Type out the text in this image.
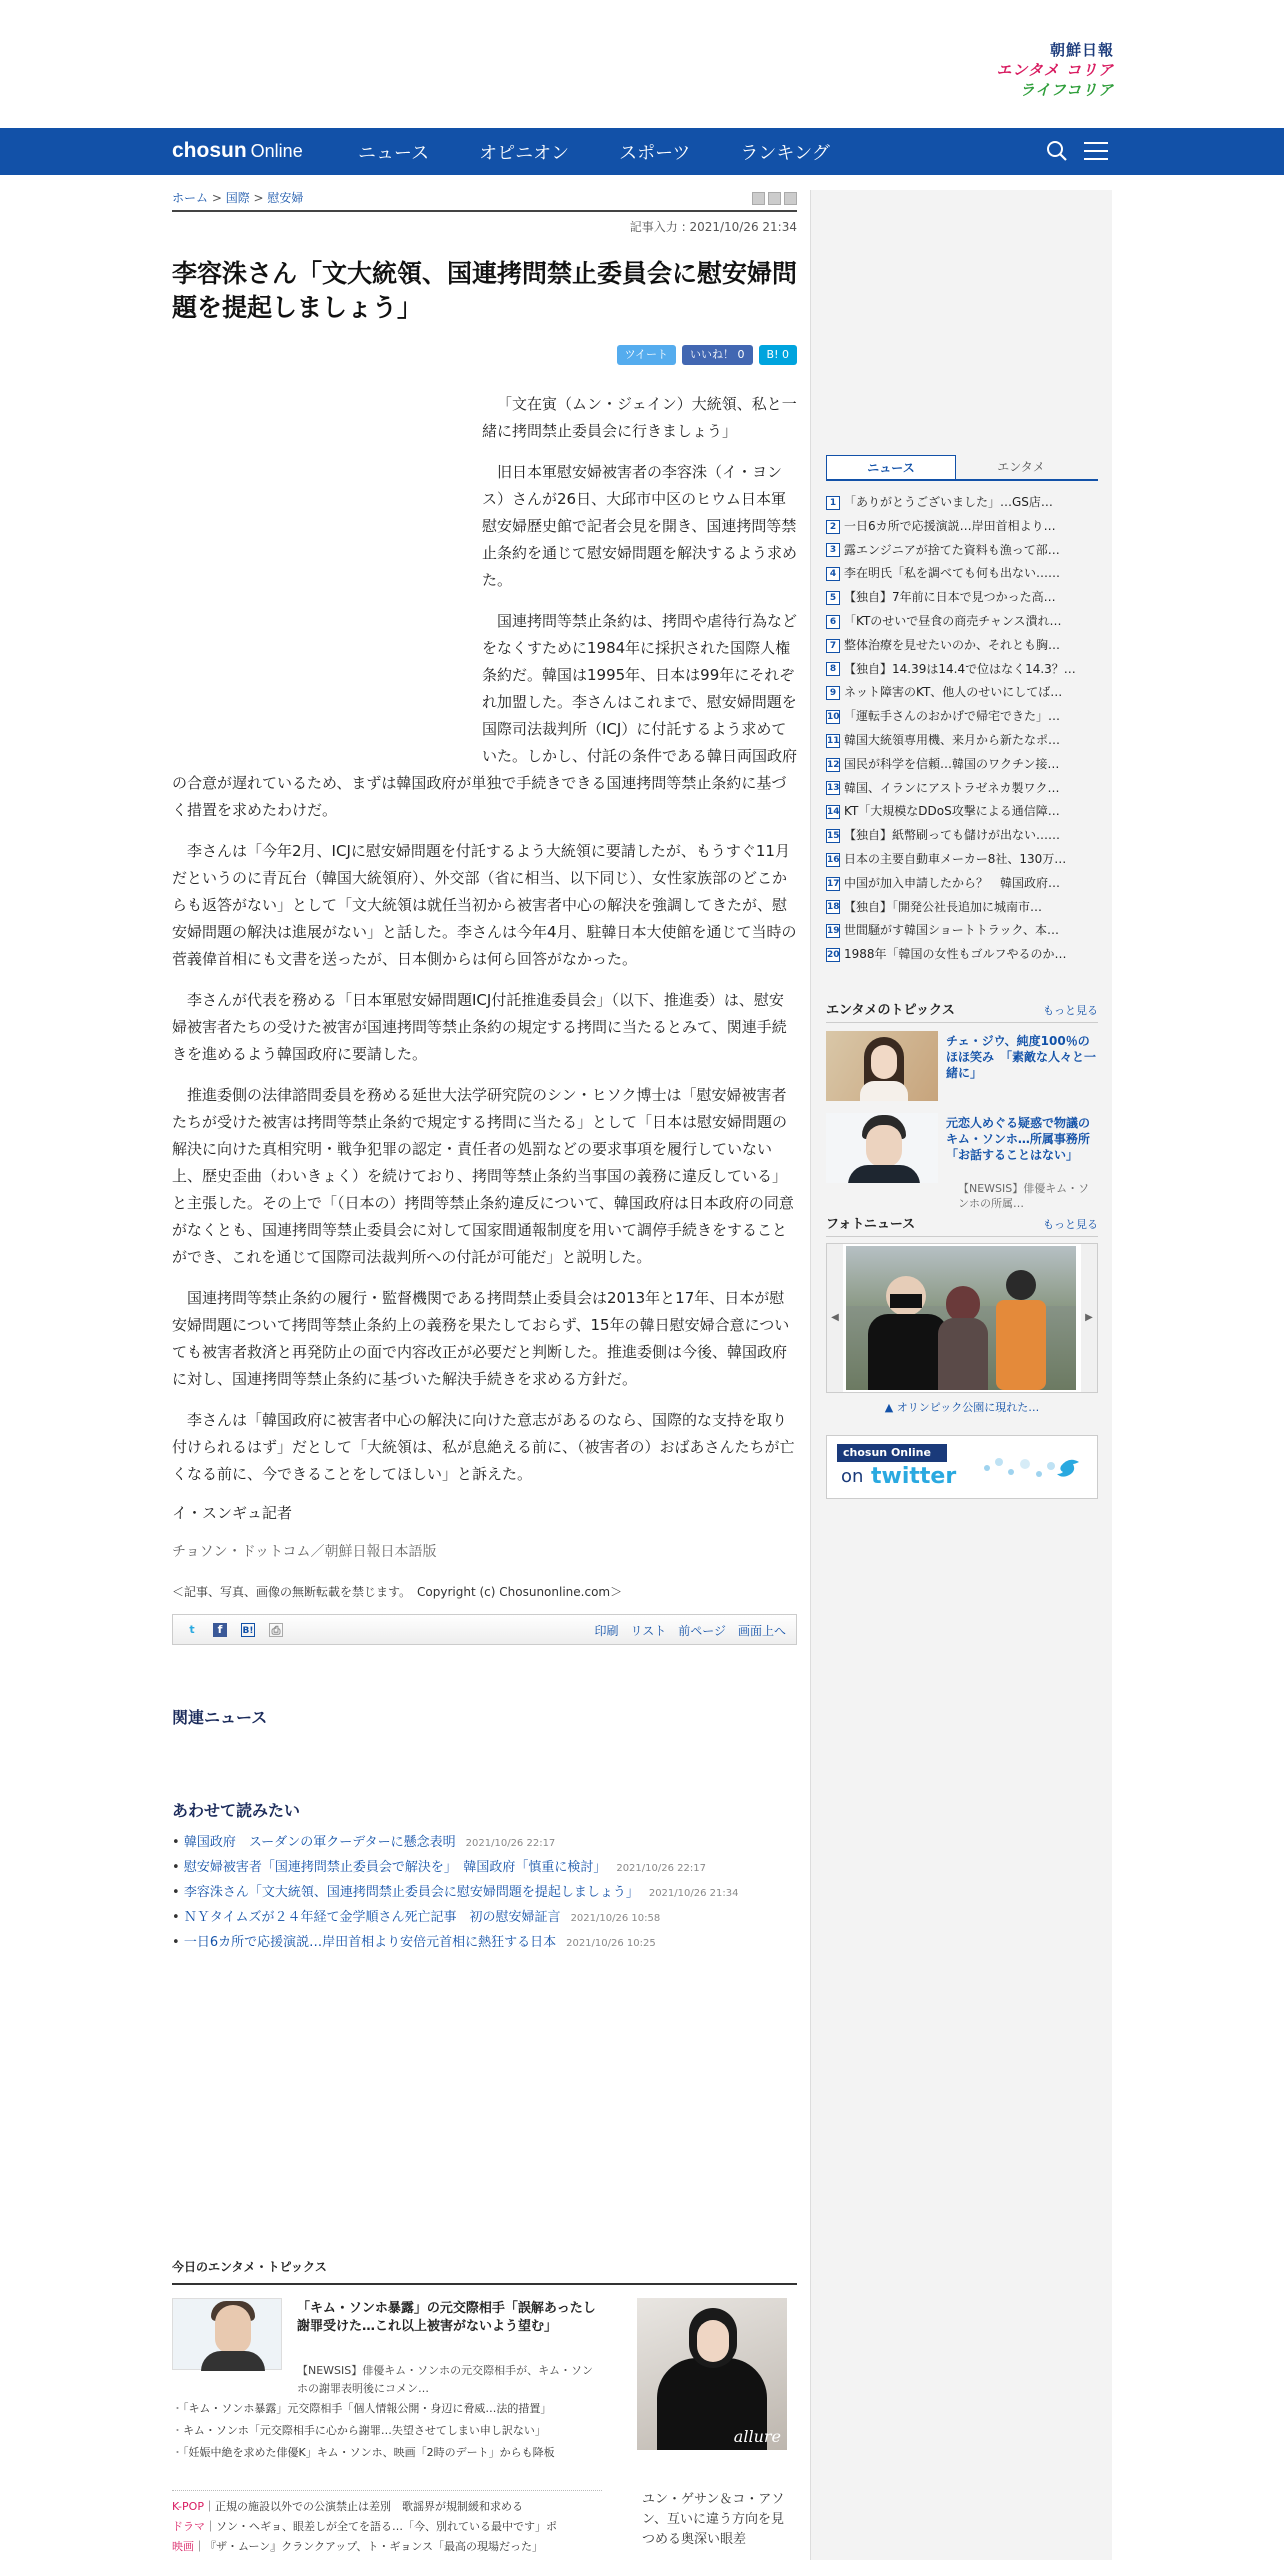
朝鮮日報
エンタメ コリア
ライフコリア
chosun Online	ニュース	オピニオン	スポーツ	ランキング
ホーム > 国際 > 慰安婦
記事入力 : 2021/10/26 21:34
李容洙さん「文大統領、国連拷問禁止委員会に慰安婦問題を提起しましょう」
ツイート	いいね！ 0	B! 0

「文在寅（ムン・ジェイン）大統領、私と一緒に拷問禁止委員会に行きましょう」

旧日本軍慰安婦被害者の李容洙（イ・ヨンス）さんが26日、大邱市中区のヒウム日本軍慰安婦歴史館で記者会見を開き、国連拷問等禁止条約を通じて慰安婦問題を解決するよう求めた。

国連拷問等禁止条約は、拷問や虐待行為などをなくすために1984年に採択された国際人権条約だ。韓国は1995年、日本は99年にそれぞれ加盟した。李さんはこれまで、慰安婦問題を国際司法裁判所（ICJ）に付託するよう求めていた。しかし、付託の条件である韓日両国政府の合意が遅れているため、まずは韓国政府が単独で手続きできる国連拷問等禁止条約に基づく措置を求めたわけだ。

李さんは「今年2月、ICJに慰安婦問題を付託するよう大統領に要請したが、もうすぐ11月だというのに青瓦台（韓国大統領府）、外交部（省に相当、以下同じ）、女性家族部のどこからも返答がない」として「文大統領は就任当初から被害者中心の解決を強調してきたが、慰安婦問題の解決は進展がない」と話した。李さんは今年4月、駐韓日本大使館を通じて当時の菅義偉首相にも文書を送ったが、日本側からは何ら回答がなかった。

李さんが代表を務める「日本軍慰安婦問題ICJ付託推進委員会」（以下、推進委）は、慰安婦被害者たちの受けた被害が国連拷問等禁止条約の規定する拷問に当たるとみて、関連手続きを進めるよう韓国政府に要請した。

推進委側の法律諮問委員を務める延世大法学研究院のシン・ヒソク博士は「慰安婦被害者たちが受けた被害は拷問等禁止条約で規定する拷問に当たる」として「日本は慰安婦問題の解決に向けた真相究明・戦争犯罪の認定・責任者の処罰などの要求事項を履行していない上、歴史歪曲（わいきょく）を続けており、拷問等禁止条約当事国の義務に違反している」と主張した。その上で「（日本の）拷問等禁止条約違反について、韓国政府は日本政府の同意がなくとも、国連拷問等禁止委員会に対して国家間通報制度を用いて調停手続きをすることができ、これを通じて国際司法裁判所への付託が可能だ」と説明した。

国連拷問等禁止条約の履行・監督機関である拷問禁止委員会は2013年と17年、日本が慰安婦問題について拷問等禁止条約上の義務を果たしておらず、15年の韓日慰安婦合意についても被害者救済と再発防止の面で内容改正が必要だと判断した。推進委側は今後、韓国政府に対し、国連拷問等禁止条約に基づいた解決手続きを求める方針だ。

李さんは「韓国政府に被害者中心の解決に向けた意志があるのなら、国際的な支持を取り付けられるはず」だとして「大統領は、私が息絶える前に、（被害者の）おばあさんたちが亡くなる前に、今できることをしてほしい」と訴えた。

イ・スンギュ記者
チョソン・ドットコム／朝鮮日報日本語版
＜記事、写真、画像の無断転載を禁じます。　Copyright (c) Chosunonline.com＞
t	f	B! ⎙	印刷 リスト 前ページ 画面上へ
関連ニュース
あわせて読みたい
• 韓国政府　スーダンの軍クーデターに懸念表明 2021/10/26 22:17
• 慰安婦被害者「国連拷問禁止委員会で解決を」　韓国政府「慎重に検討」 2021/10/26 22:17
• 李容洙さん「文大統領、国連拷問禁止委員会に慰安婦問題を提起しましょう」 2021/10/26 21:34
• ＮＹタイムズが２４年経て金学順さん死亡記事　初の慰安婦証言 2021/10/26 10:58
• 一日6カ所で応援演説…岸田首相より安倍元首相に熱狂する日本 2021/10/26 10:25
今日のエンタメ・トピックス
「キム・ソンホ暴露」の元交際相手「誤解あったし謝罪受けた…これ以上被害がないよう望む」
【NEWSIS】俳優キム・ソンホの元交際相手が、キム・ソンホの謝罪表明後にコメン…
・ 「キム・ソンホ暴露」元交際相手「個人情報公開・身辺に脅威…法的措置」
・ キム・ソンホ「元交際相手に心から謝罪…失望させてしまい申し訳ない」
・ 「妊娠中絶を求めた俳優K」キム・ソンホ、映画「2時のデート」からも降板
allure
K-POP｜正規の施設以外での公演禁止は差別　歌謡界が規制緩和求める
ドラマ｜ソン・ヘギョ、眼差しが全てを語る…「今、別れている最中です」ポ
映画｜『ザ・ムーン』クランクアップ、ト・ギョンス「最高の現場だった」
ユン・ゲサン＆コ・アソン、互いに違う方向を見つめる奥深い眼差
ニュース	エンタメ
1 「ありがとうございました」…GS店…
2 一日6カ所で応援演説…岸田首相より…
3 露エンジニアが捨てた資料も漁って部…
4 李在明氏「私を調べても何も出ない……
5 【独自】7年前に日本で見つかった高…
6 「KTのせいで昼食の商売チャンス潰れ…
7 整体治療を見せたいのか、それとも胸…
8 【独自】14.39は14.4で位はなく14.3？…
9 ネット障害のKT、他人のせいにしてば…
10 「運転手さんのおかげで帰宅できた」…
11 韓国大統領専用機、来月から新たなポ…
12 国民が科学を信頼…韓国のワクチン接…
13 韓国、イランにアストラゼネカ製ワク…
14 KT「大規模なDDoS攻撃による通信障…
15 【独自】紙幣刷っても儲けが出ない……
16 日本の主要自動車メーカー8社、130万…
17 中国が加入申請したから？　韓国政府…
18 【独自】「開発公社長追加に城南市…
19 世間騒がす韓国ショートトラック、本…
20 1988年「韓国の女性もゴルフやるのか…
エンタメのトピックス	もっと見る
チェ・ジウ、純度100％のほほ笑み　「素敵な人々と一緒に」
元恋人めぐる疑惑で物議のキム・ソンホ…所属事務所「お話することはない」
【NEWSIS】俳優キム・ソンホの所属…
フォトニュース	もっと見る
◀	▶
▲ オリンピック公園に現れた…
chosun Online
on twitter
